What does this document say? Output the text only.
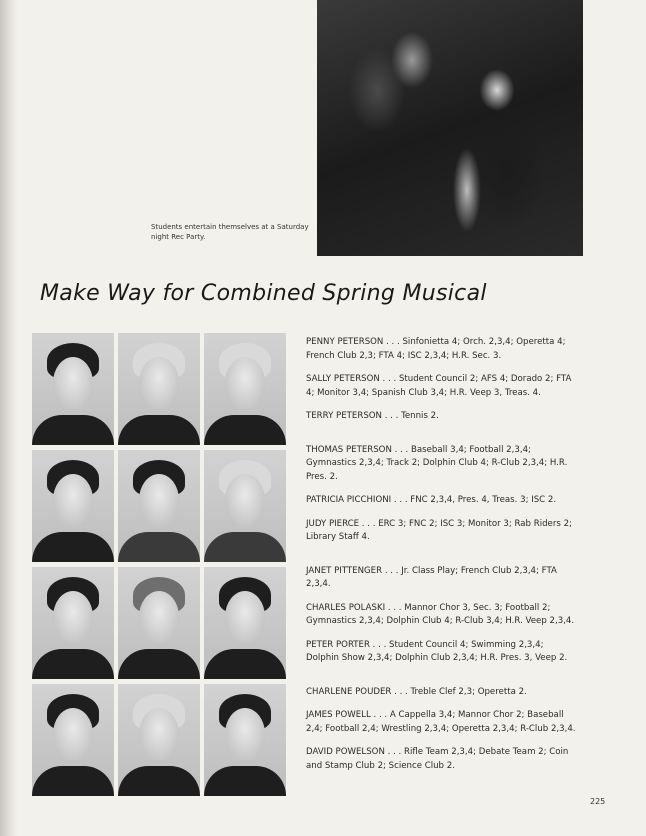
Students entertain themselves at a Saturday night Rec Party.
Make Way for Combined Spring Musical

PENNY PETERSON . . . Sinfonietta 4; Orch. 2,3,4; Operetta 4; French Club 2,3; FTA 4; ISC 2,3,4; H.R. Sec. 3.

SALLY PETERSON . . . Student Council 2; AFS 4; Dorado 2; FTA 4; Monitor 3,4; Spanish Club 3,4; H.R. Veep 3, Treas. 4.

TERRY PETERSON . . . Tennis 2.

THOMAS PETERSON . . . Baseball 3,4; Football 2,3,4; Gymnastics 2,3,4; Track 2; Dolphin Club 4; R-Club 2,3,4; H.R. Pres. 2.

PATRICIA PICCHIONI . . . FNC 2,3,4, Pres. 4, Treas. 3; ISC 2.

JUDY PIERCE . . . ERC 3; FNC 2; ISC 3; Monitor 3; Rab Riders 2; Library Staff 4.

JANET PITTENGER . . . Jr. Class Play; French Club 2,3,4; FTA 2,3,4.

CHARLES POLASKI . . . Mannor Chor 3, Sec. 3; Football 2; Gymnastics 2,3,4; Dolphin Club 4; R-Club 3,4; H.R. Veep 2,3,4.

PETER PORTER . . . Student Council 4; Swimming 2,3,4; Dolphin Show 2,3,4; Dolphin Club 2,3,4; H.R. Pres. 3, Veep 2.

CHARLENE POUDER . . . Treble Clef 2,3; Operetta 2.

JAMES POWELL . . . A Cappella 3,4; Mannor Chor 2; Baseball 2,4; Football 2,4; Wrestling 2,3,4; Operetta 2,3,4; R-Club 2,3,4.

DAVID POWELSON . . . Rifle Team 2,3,4; Debate Team 2; Coin and Stamp Club 2; Science Club 2.

225
